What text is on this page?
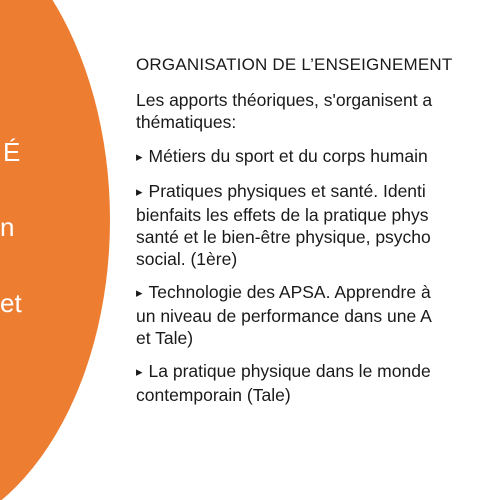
É
n
et
ORGANISATION DE L’ENSEIGNEMENT
Les apports théoriques, s'organisent a
thématiques:
▸ Métiers du sport et du corps humain
▸ Pratiques physiques et santé. Identi
bienfaits les effets de la pratique phys
santé et le bien-être physique, psycho
social. (1ère)
▸ Technologie des APSA. Apprendre à
un niveau de performance dans une A
et Tale)
▸ La pratique physique dans le monde
contemporain (Tale)
